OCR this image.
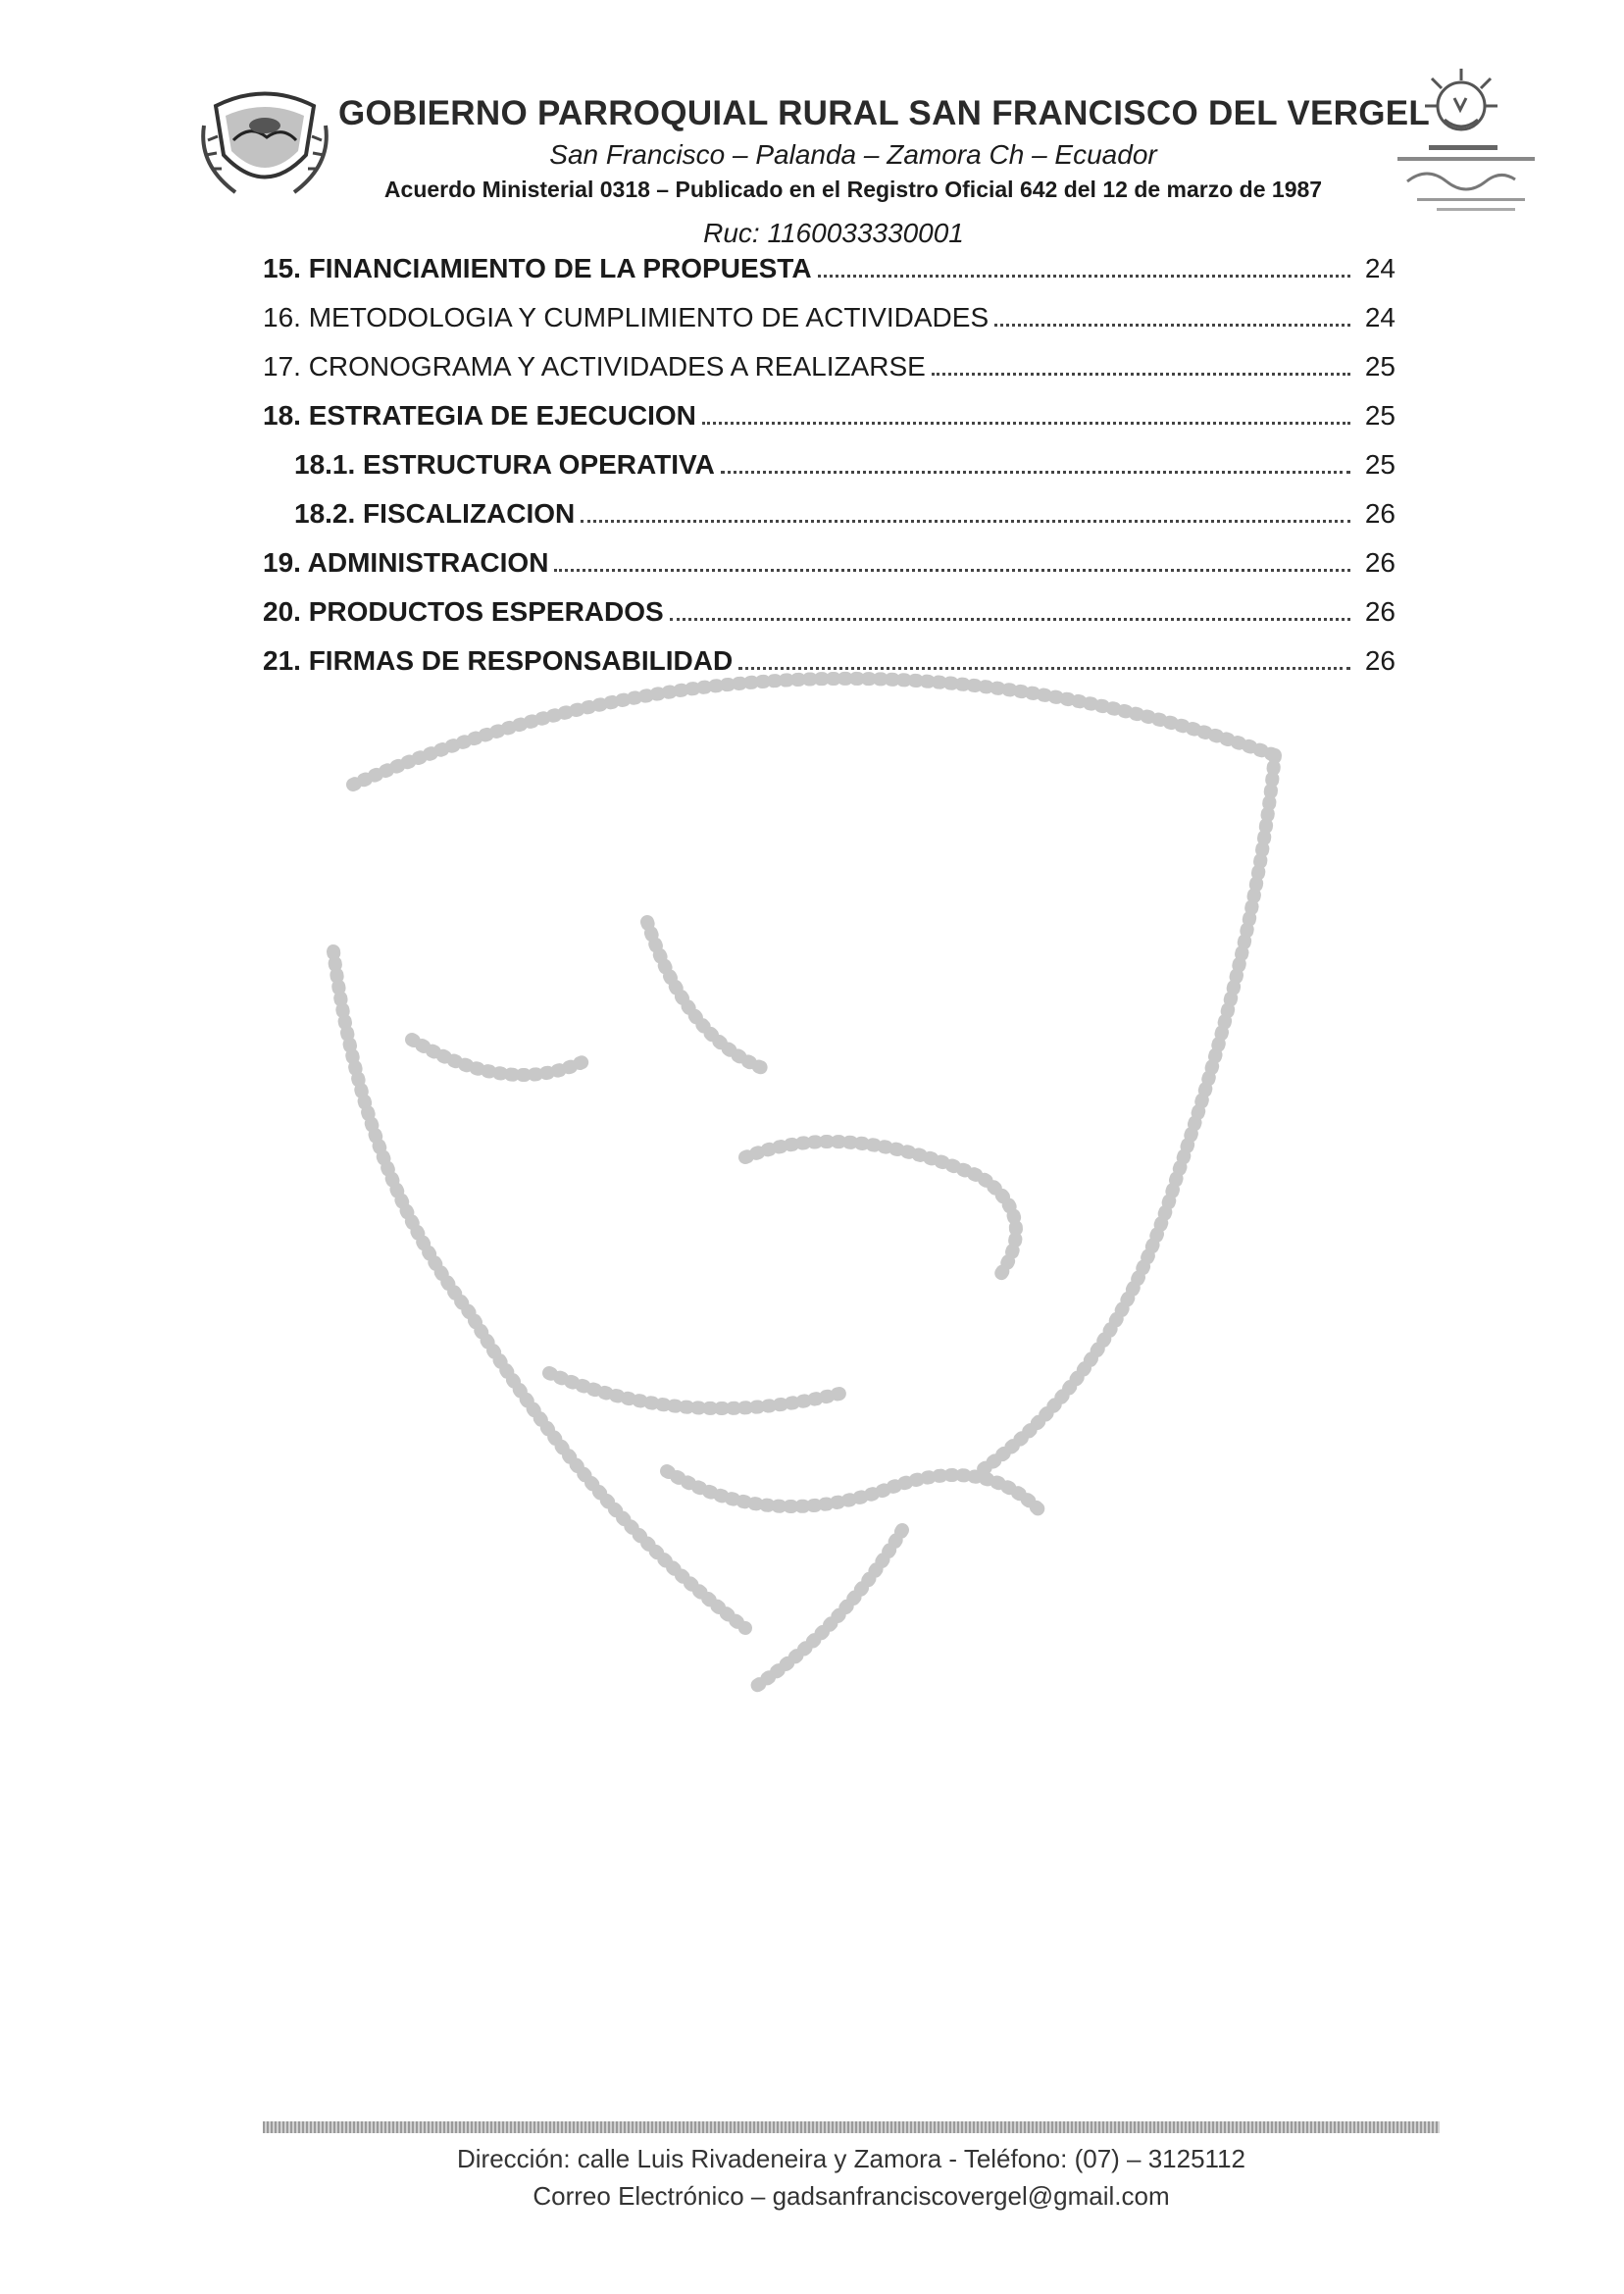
GOBIERNO PARROQUIAL RURAL SAN FRANCISCO DEL VERGEL
San Francisco – Palanda – Zamora Ch – Ecuador
Acuerdo Ministerial 0318 – Publicado en el Registro Oficial 642 del 12 de marzo de 1987
Ruc: 1160033330001
15. FINANCIAMIENTO DE LA PROPUESTA	24
16. METODOLOGIA Y CUMPLIMIENTO DE ACTIVIDADES	24
17. CRONOGRAMA Y ACTIVIDADES A REALIZARSE	25
18. ESTRATEGIA DE EJECUCION	25
18.1. ESTRUCTURA OPERATIVA	25
18.2. FISCALIZACION	26
19. ADMINISTRACION	26
20. PRODUCTOS ESPERADOS	26
21. FIRMAS DE RESPONSABILIDAD	26
Dirección: calle Luis Rivadeneira y Zamora - Teléfono: (07) – 3125112
Correo Electrónico – gadsanfranciscovergel@gmail.com
